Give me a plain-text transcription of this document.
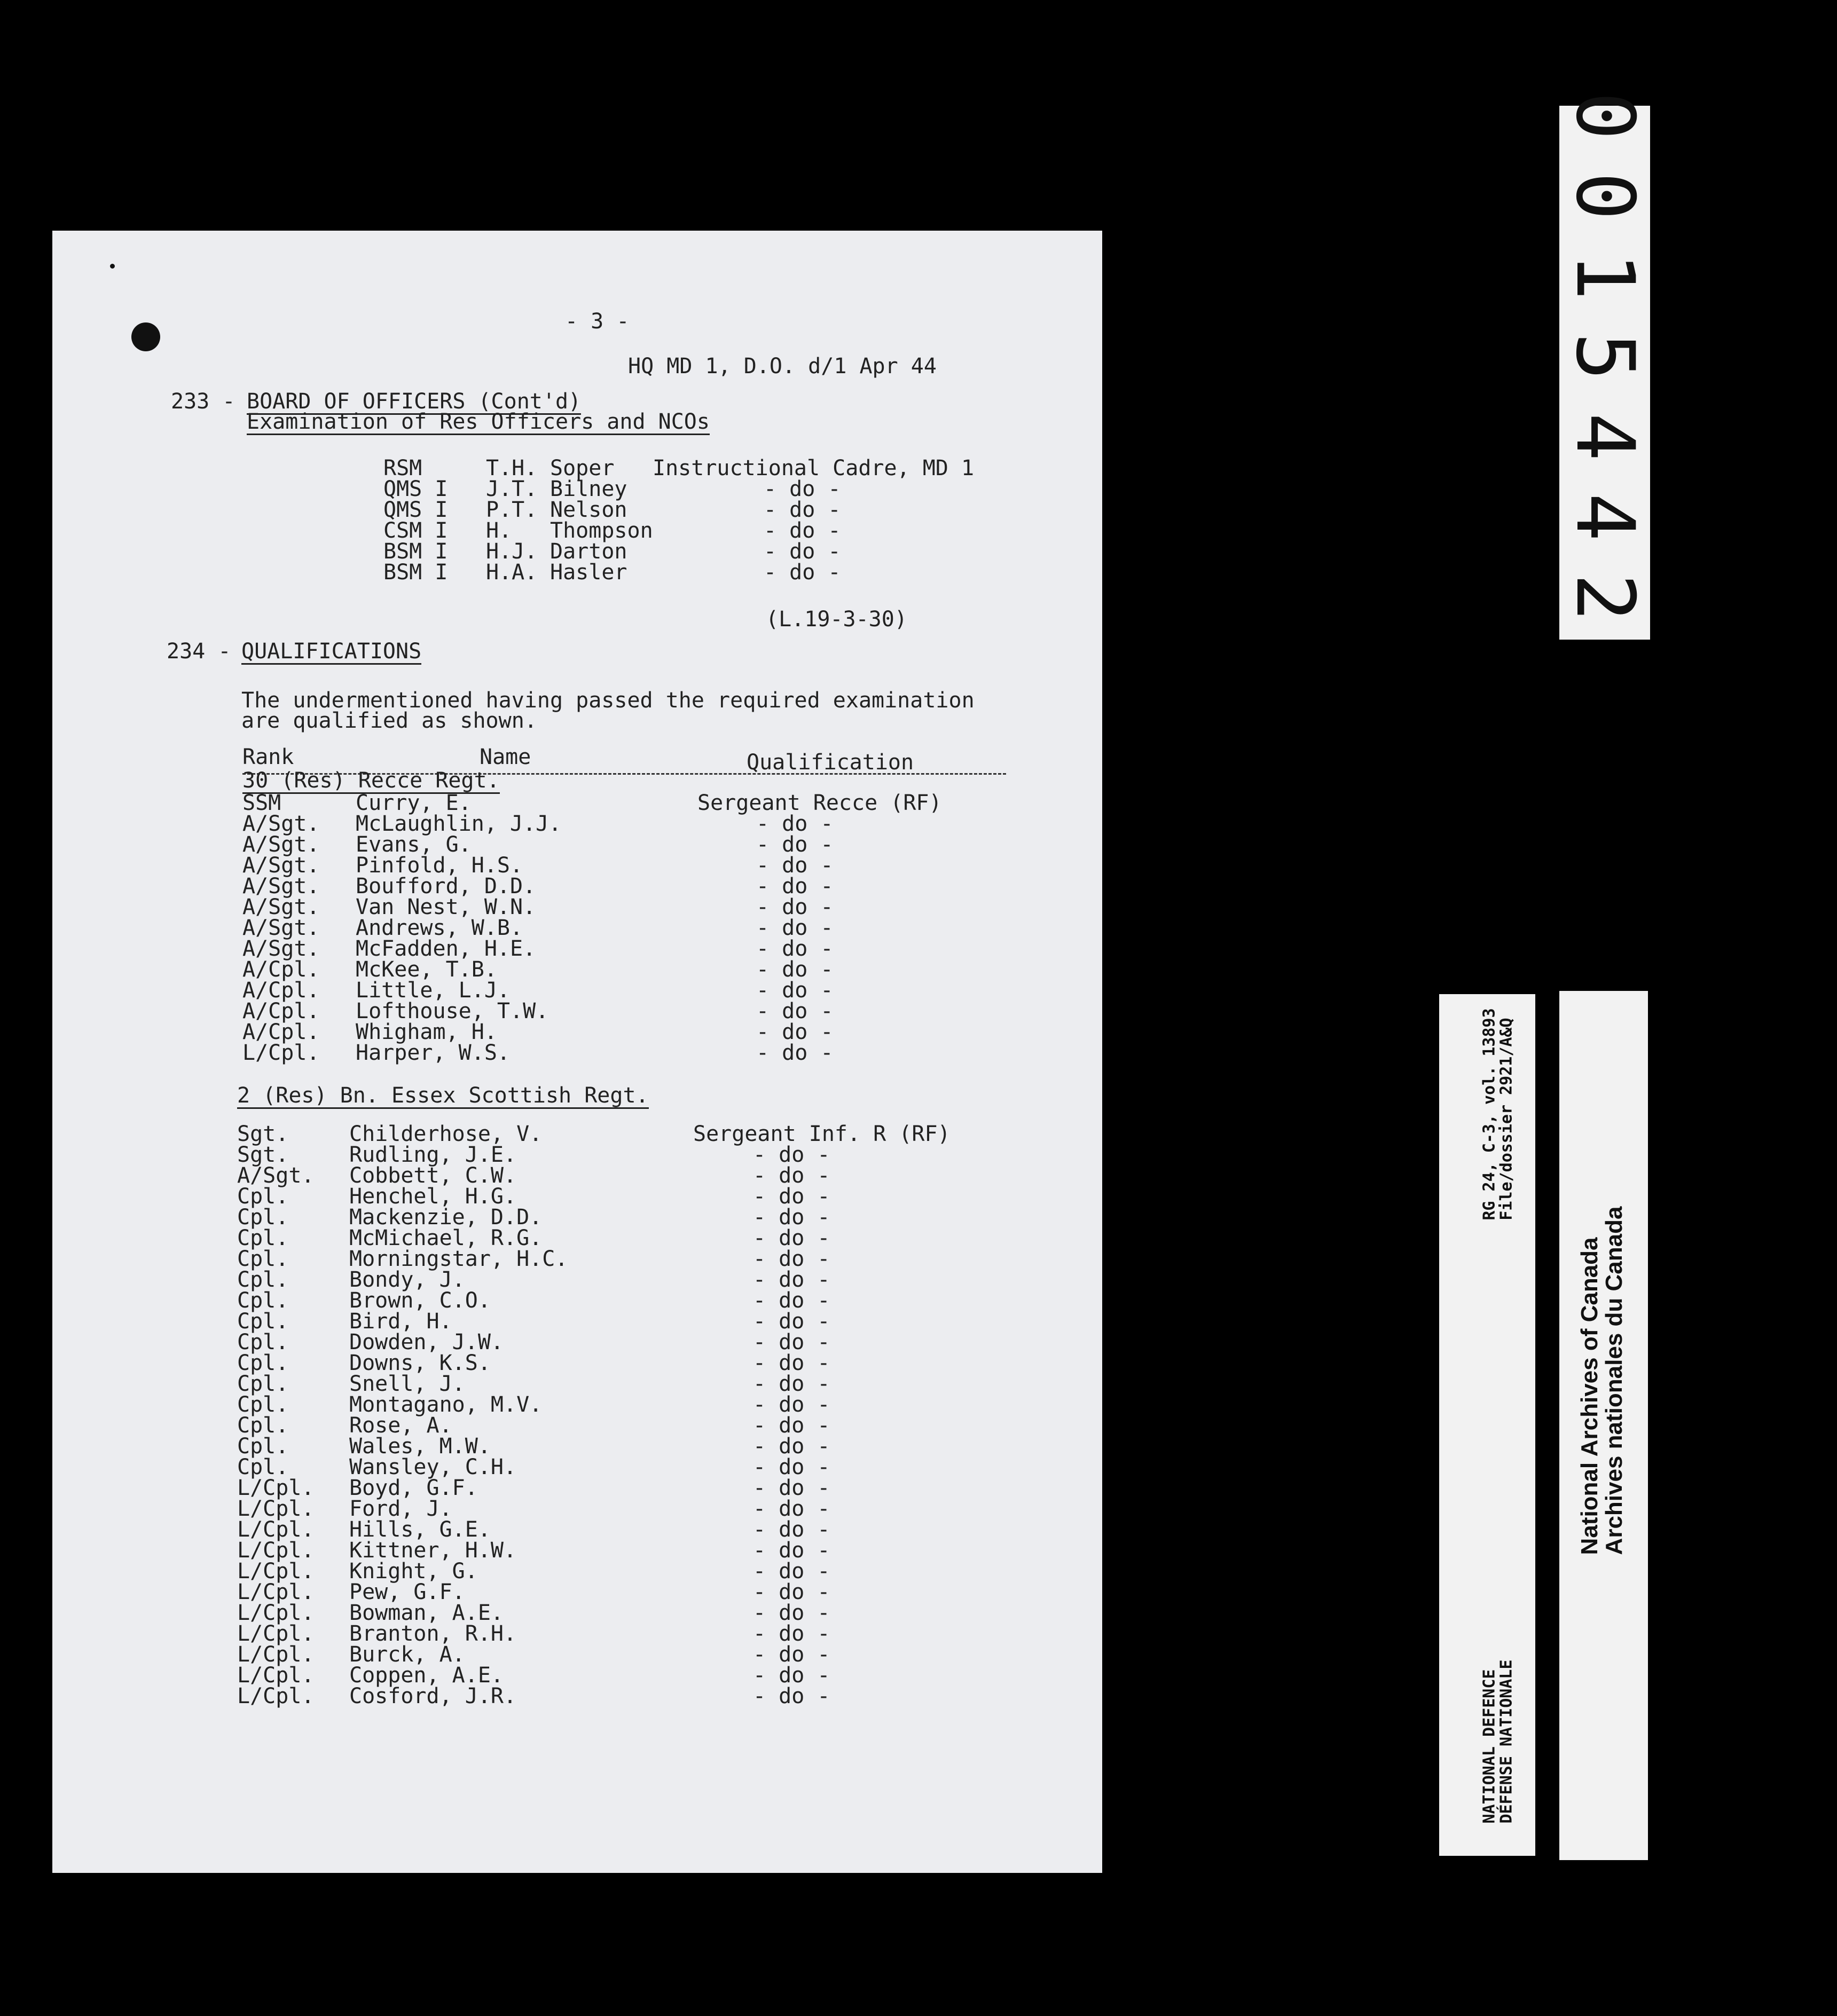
- 3 -
HQ MD 1, D.O. d/1 Apr 44
233 - BOARD OF OFFICERS (Cont'd)
Examination of Res Officers and NCOs
RSM	T.H. Soper Instructional Cadre, MD 1
QMS I J.T. Bilney	- do -
QMS I P.T. Nelson	- do -
CSM I H. Thompson	- do -
BSM I H.J. Darton	- do -
BSM I H.A. Hasler	- do -
(L.19-3-30)
234 - QUALIFICATIONS
The undermentioned having passed the required examination
are qualified as shown.
Rank	Name	Qualification
30 (Res) Recce Regt.
SSM	Curry, E.	Sergeant Recce (RF)
A/Sgt. McLaughlin, J.J.	- do -
A/Sgt. Evans, G.	- do -
A/Sgt. Pinfold, H.S.	- do -
A/Sgt. Boufford, D.D.	- do -
A/Sgt. Van Nest, W.N.	- do -
A/Sgt. Andrews, W.B.	- do -
A/Sgt. McFadden, H.E.	- do -
A/Cpl. McKee, T.B.	- do -
A/Cpl. Little, L.J.	- do -
A/Cpl. Lofthouse, T.W.	- do -
A/Cpl. Whigham, H.	- do -
L/Cpl. Harper, W.S.	- do -
2 (Res) Bn. Essex Scottish Regt.
Sgt.	Childerhose, V.	Sergeant Inf. R (RF)
Sgt.	Rudling, J.E.	- do -
A/Sgt. Cobbett, C.W.	- do -
Cpl.	Henchel, H.G.	- do -
Cpl.	Mackenzie, D.D.	- do -
Cpl.	McMichael, R.G.	- do -
Cpl.	Morningstar, H.C.	- do -
Cpl.	Bondy, J.	- do -
Cpl.	Brown, C.O.	- do -
Cpl.	Bird, H.	- do -
Cpl.	Dowden, J.W.	- do -
Cpl.	Downs, K.S.	- do -
Cpl.	Snell, J.	- do -
Cpl.	Montagano, M.V.	- do -
Cpl.	Rose, A.	- do -
Cpl.	Wales, M.W.	- do -
Cpl.	Wansley, C.H.	- do -
L/Cpl. Boyd, G.F.	- do -
L/Cpl. Ford, J.	- do -
L/Cpl. Hills, G.E.	- do -
L/Cpl. Kittner, H.W.	- do -
L/Cpl. Knight, G.	- do -
L/Cpl. Pew, G.F.	- do -
L/Cpl. Bowman, A.E.	- do -
L/Cpl. Branton, R.H.	- do -
L/Cpl. Burck, A.	- do -
L/Cpl. Coppen, A.E.	- do -
L/Cpl. Cosford, J.R.	- do -
0015442
RG 24, C-3, vol. 13893
File/dossier 2921/A&Q
NATIONAL DEFENCE
DÉFENSE NATIONALE
National Archives of Canada
Archives nationales du Canada
